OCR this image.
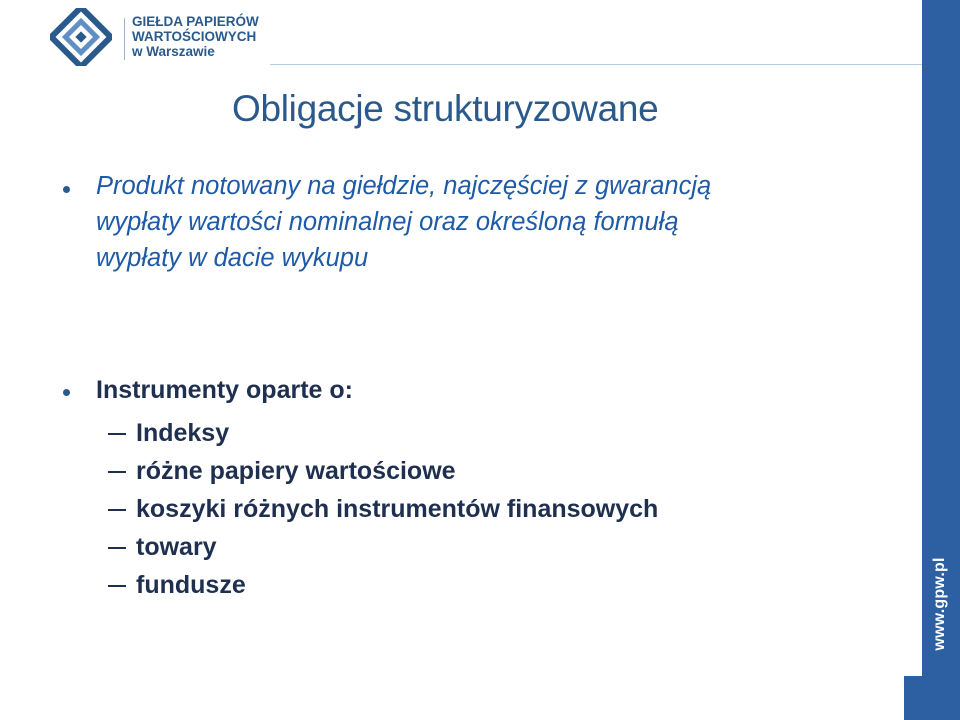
GIEŁDA PAPIERÓW
WARTOŚCIOWYCH
w Warszawie
www.gpw.pl
Obligacje strukturyzowane
Produkt notowany na giełdzie, najczęściej z gwarancją
wypłaty wartości nominalnej oraz określoną formułą
wypłaty w dacie wykupu
Instrumenty oparte o:
Indeksy
różne papiery wartościowe
koszyki różnych instrumentów finansowych
towary
fundusze
